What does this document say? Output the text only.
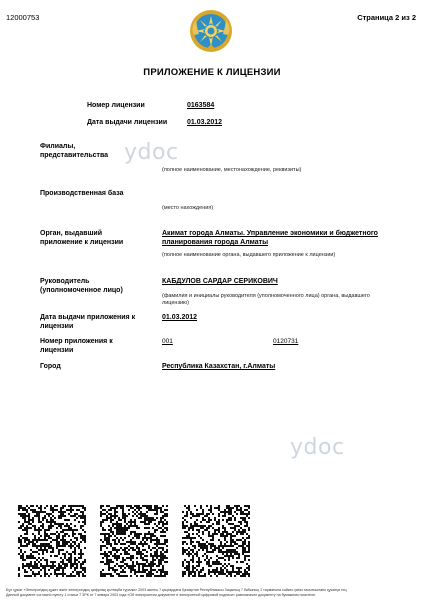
12000753	Страница 2 из 2
ПРИЛОЖЕНИЕ К ЛИЦЕНЗИИ
Номер лицензии	0163584
Дата выдачи лицензии	01.03.2012
Филиалы, представительства ydoc
(полное наименование, местонахождение, реквизиты)
Производственная база
(место нахождения)
Орган, выдавший приложение к лицензии
Акимат города Алматы. Управление экономики и бюджетного планирования города Алматы
(полное наименование органа, выдавшего приложение к лицензии)
Руководитель (уполномоченное лицо)
КАБДУЛОВ САРДАР СЕРИКОВИЧ
(фамилия и инициалы руководителя (уполномоченного лица) органа, выдавшего лицензию)
Дата выдачи приложения к лицензии
01.03.2012
Номер приложения к лицензии
001	0120731
Город	Республика Казахстан, г.Алматы
ydoc
Бұл құжат «Электрондық құжат және электрондық цифрлық қолтаңба туралы» 2003 жылғы 7 қаңтардағы Қазақстан Республикасы Заңының 7 бабының 1 тармағына сәйкес қағаз тасығыштағы құжатқа тең.
Данный документ согласно пункту 1 статьи 7 ЗРК от 7 января 2003 года «Об электронном документе и электронной цифровой подписи» равнозначен документу на бумажном носителе.
